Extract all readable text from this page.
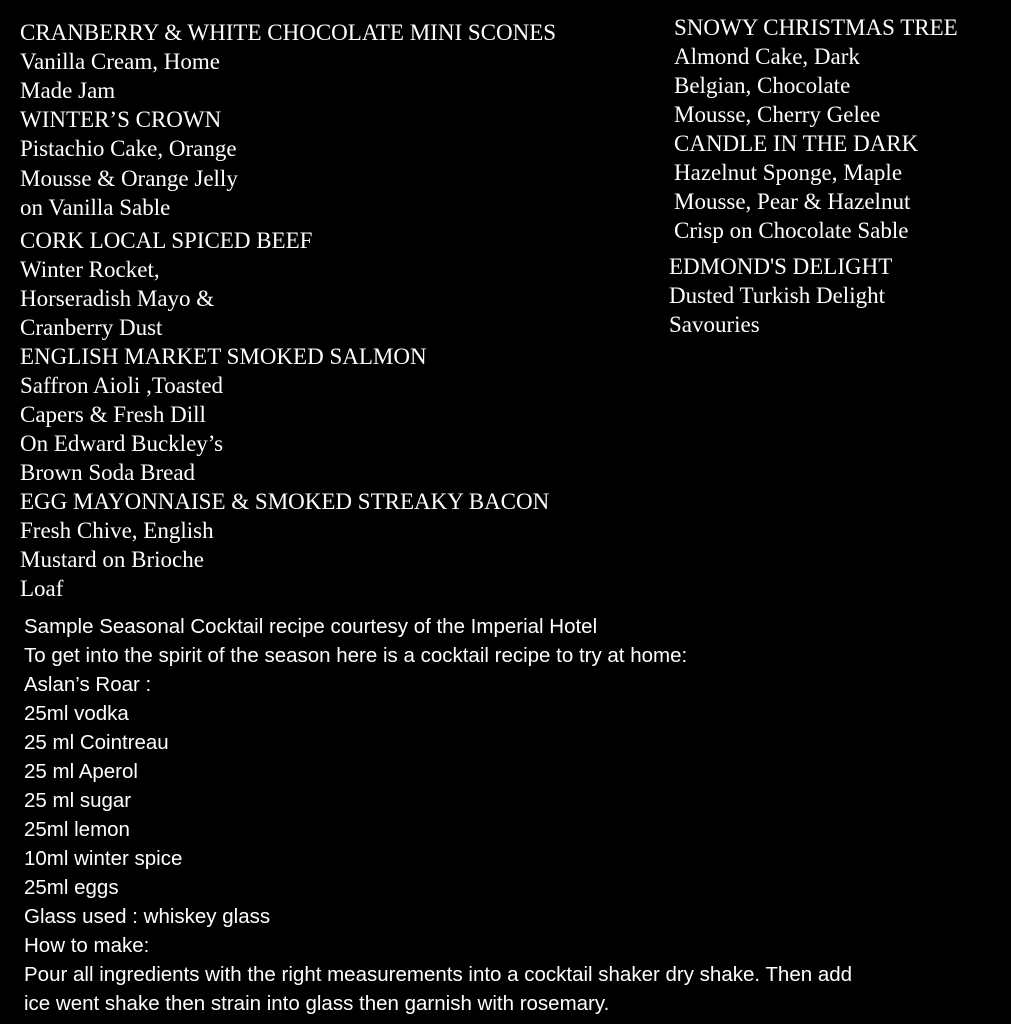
CRANBERRY & WHITE CHOCOLATE MINI SCONES
Vanilla Cream, Home
Made Jam
WINTER’S CROWN
Pistachio Cake, Orange
Mousse & Orange Jelly
on Vanilla Sable
CORK LOCAL SPICED BEEF
Winter Rocket,
Horseradish Mayo &
Cranberry Dust
ENGLISH MARKET SMOKED SALMON
Saffron Aioli ,Toasted
Capers & Fresh Dill
On Edward Buckley’s
Brown Soda Bread
EGG MAYONNAISE & SMOKED STREAKY BACON
Fresh Chive, English
Mustard on Brioche
Loaf
SNOWY CHRISTMAS TREE
Almond Cake, Dark
Belgian, Chocolate
Mousse, Cherry Gelee
CANDLE IN THE DARK
Hazelnut Sponge, Maple
Mousse, Pear & Hazelnut
Crisp on Chocolate Sable
EDMOND'S DELIGHT
Dusted Turkish Delight
Savouries
Sample Seasonal Cocktail recipe courtesy of the Imperial Hotel
To get into the spirit of the season here is a cocktail recipe to try at home:
Aslan’s Roar :
25ml vodka
25 ml Cointreau
25 ml Aperol
25 ml sugar
25ml lemon
10ml winter spice
25ml eggs
Glass used : whiskey glass
How to make:
Pour all ingredients with the right measurements into a cocktail shaker dry shake. Then add
ice went shake then strain into glass then garnish with rosemary.
